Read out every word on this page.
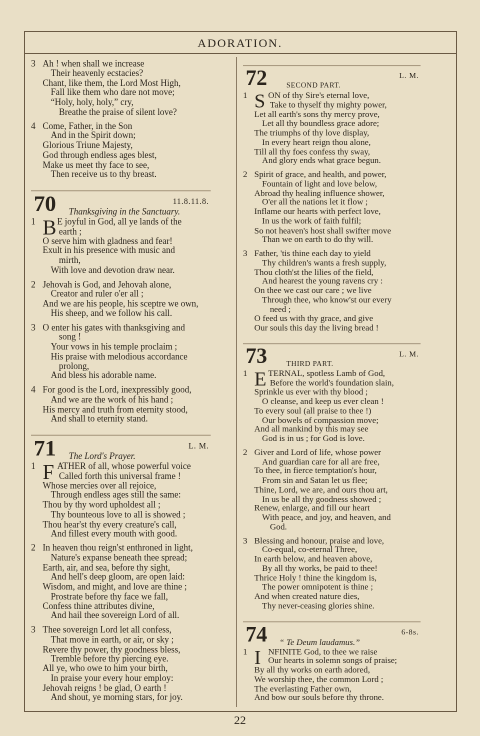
ADORATION.
3 Ah ! when shall we increase
Their heavenly ecstacies?
Chant, like them, the Lord Most High,
Fall like them who dare not move;
“Holy, holy, holy,” cry,
Breathe the praise of silent love?
4 Come, Father, in the Son
And in the Spirit down;
Glorious Triune Majesty,
God through endless ages blest,
Make us meet thy face to see,
Then receive us to thy breast.
70	11.8.11.8.
Thanksgiving in the Sanctuary.
1 B E joyful in God, all ye lands of the
earth ;
O serve him with gladness and fear!
Exult in his presence with music and
mirth,
With love and devotion draw near.
2 Jehovah is God, and Jehovah alone,
Creator and ruler o'er all ;
And we are his people, his sceptre we own,
His sheep, and we follow his call.
3 O enter his gates with thanksgiving and
song !
Your vows in his temple proclaim ;
His praise with melodious accordance
prolong,
And bless his adorable name.
4 For good is the Lord, inexpressibly good,
And we are the work of his hand ;
His mercy and truth from eternity stood,
And shall to eternity stand.
71	L. M.
The Lord's Prayer.
1 F ATHER of all, whose powerful voice
Called forth this universal frame !
Whose mercies over all rejoice,
Through endless ages still the same:
Thou by thy word upholdest all ;
Thy bounteous love to all is showed ;
Thou hear'st thy every creature's call,
And fillest every mouth with good.
2 In heaven thou reign'st enthroned in light,
Nature's expanse beneath thee spread;
Earth, air, and sea, before thy sight,
And hell's deep gloom, are open laid:
Wisdom, and might, and love are thine ;
Prostrate before thy face we fall,
Confess thine attributes divine,
And hail thee sovereign Lord of all.
3 Thee sovereign Lord let all confess,
That move in earth, or air, or sky ;
Revere thy power, thy goodness bless,
Tremble before thy piercing eye.
All ye, who owe to him your birth,
In praise your every hour employ:
Jehovah reigns ! be glad, O earth !
And shout, ye morning stars, for joy.
72	L. M.
SECOND PART.
1 S ON of thy Sire's eternal love,
Take to thyself thy mighty power,
Let all earth's sons thy mercy prove,
Let all thy boundless grace adore;
The triumphs of thy love display,
In every heart reign thou alone,
Till all thy foes confess thy sway,
And glory ends what grace begun.
2 Spirit of grace, and health, and power,
Fountain of light and love below,
Abroad thy healing influence shower,
O'er all the nations let it flow ;
Inflame our hearts with perfect love,
In us the work of faith fulfil;
So not heaven's host shall swifter move
Than we on earth to do thy will.
3 Father, 'tis thine each day to yield
Thy children's wants a fresh supply,
Thou cloth'st the lilies of the field,
And hearest the young ravens cry :
On thee we cast our care ; we live
Through thee, who know'st our every
need ;
O feed us with thy grace, and give
Our souls this day the living bread !
73	L. M.
THIRD PART.
1 E TERNAL, spotless Lamb of God,
Before the world's foundation slain,
Sprinkle us ever with thy blood ;
O cleanse, and keep us ever clean !
To every soul (all praise to thee !)
Our bowels of compassion move;
And all mankind by this may see
God is in us ; for God is love.
2 Giver and Lord of life, whose power
And guardian care for all are free,
To thee, in fierce temptation's hour,
From sin and Satan let us flee;
Thine, Lord, we are, and ours thou art,
In us be all thy goodness showed ;
Renew, enlarge, and fill our heart
With peace, and joy, and heaven, and
God.
3 Blessing and honour, praise and love,
Co-equal, co-eternal Three,
In earth below, and heaven above,
By all thy works, be paid to thee!
Thrice Holy ! thine the kingdom is,
The power omnipotent is thine ;
And when created nature dies,
Thy never-ceasing glories shine.
74	6-8s.
“ Te Deum laudamus.”
1 I NFINITE God, to thee we raise
Our hearts in solemn songs of praise;
By all thy works on earth adored,
We worship thee, the common Lord ;
The everlasting Father own,
And bow our souls before thy throne.
22
